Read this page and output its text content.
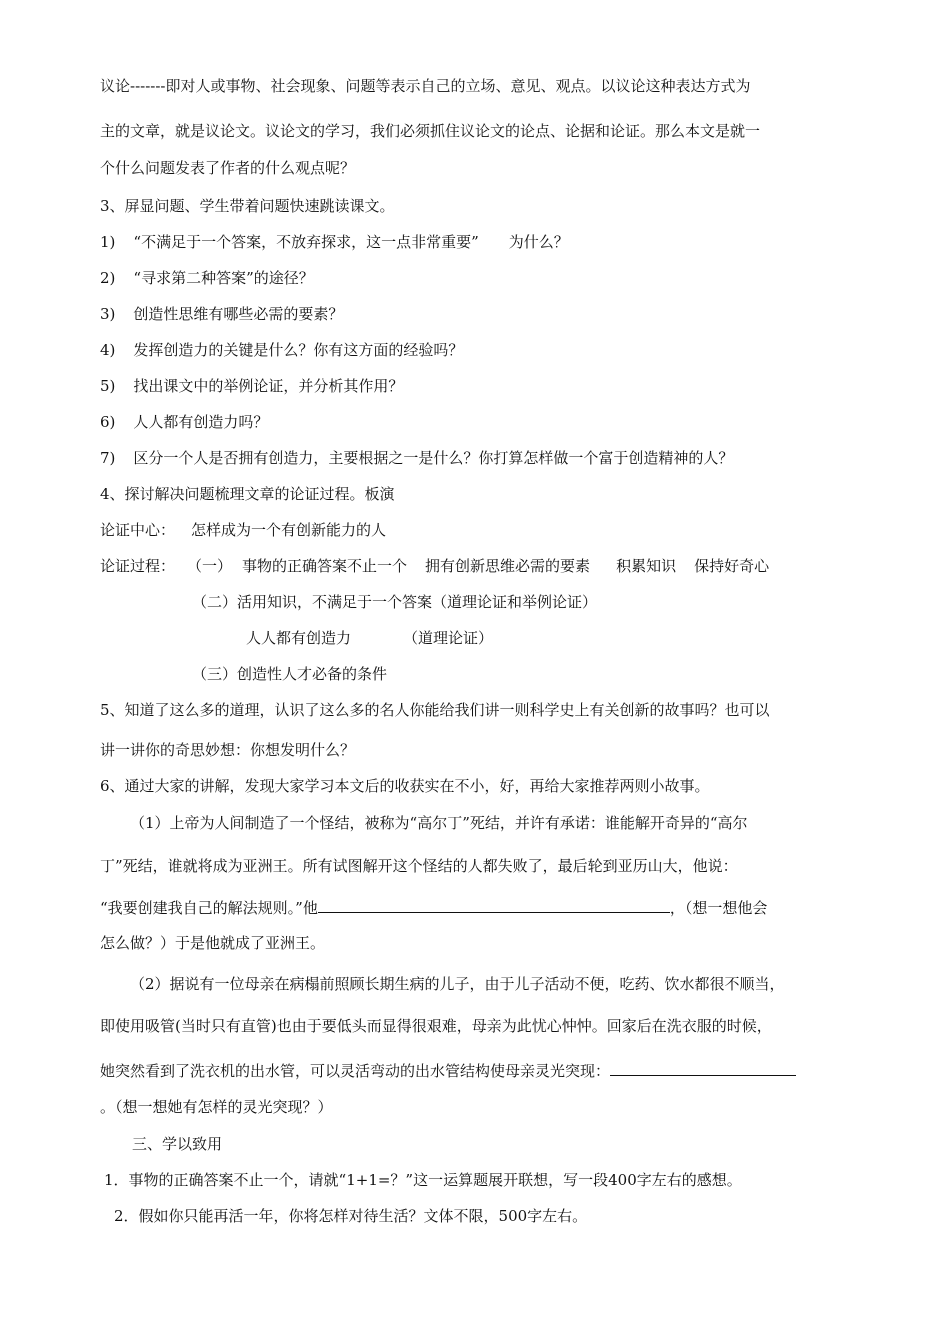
议论-------即对人或事物、社会现象、问题等表示自己的立场、意见、观点。以议论这种表达方式为
主的文章，就是议论文。议论文的学习，我们必须抓住议论文的论点、论据和论证。那么本文是就一
个什么问题发表了作者的什么观点呢？
3、屏显问题、学生带着问题快速跳读课文。
1) “不满足于一个答案，不放弃探求，这一点非常重要” 为什么？
2) “寻求第二种答案”的途径？
3) 创造性思维有哪些必需的要素？
4) 发挥创造力的关键是什么？你有这方面的经验吗？
5) 找出课文中的举例论证，并分析其作用？
6) 人人都有创造力吗？
7) 区分一个人是否拥有创造力，主要根据之一是什么？你打算怎样做一个富于创造精神的人？
4、探讨解决问题梳理文章的论证过程。板演
论证中心： 怎样成为一个有创新能力的人
论证过程： （一） 事物的正确答案不止一个 拥有创新思维必需的要素 积累知识 保持好奇心
（二）活用知识，不满足于一个答案（道理论证和举例论证）
人人都有创造力	（道理论证）
（三）创造性人才必备的条件
5、知道了这么多的道理，认识了这么多的名人你能给我们讲一则科学史上有关创新的故事吗？也可以
讲一讲你的奇思妙想：你想发明什么？
6、通过大家的讲解，发现大家学习本文后的收获实在不小，好，再给大家推荐两则小故事。
（1）上帝为人间制造了一个怪结，被称为“高尔丁”死结，并许有承诺：谁能解开奇异的“高尔
丁”死结，谁就将成为亚洲王。所有试图解开这个怪结的人都失败了，最后轮到亚历山大，他说：
“我要创建我自己的解法规则。”他	，（想一想他会
怎么做？）于是他就成了亚洲王。
（2）据说有一位母亲在病榻前照顾长期生病的儿子，由于儿子活动不便，吃药、饮水都很不顺当，
即使用吸管(当时只有直管)也由于要低头而显得很艰难，母亲为此忧心忡忡。回家后在洗衣服的时候，
她突然看到了洗衣机的出水管，可以灵活弯动的出水管结构使母亲灵光突现：
。（想一想她有怎样的灵光突现？）
三、学以致用
1．事物的正确答案不止一个，请就“1+1=？”这一运算题展开联想，写一段400字左右的感想。
2．假如你只能再活一年，你将怎样对待生活？文体不限，500字左右。
